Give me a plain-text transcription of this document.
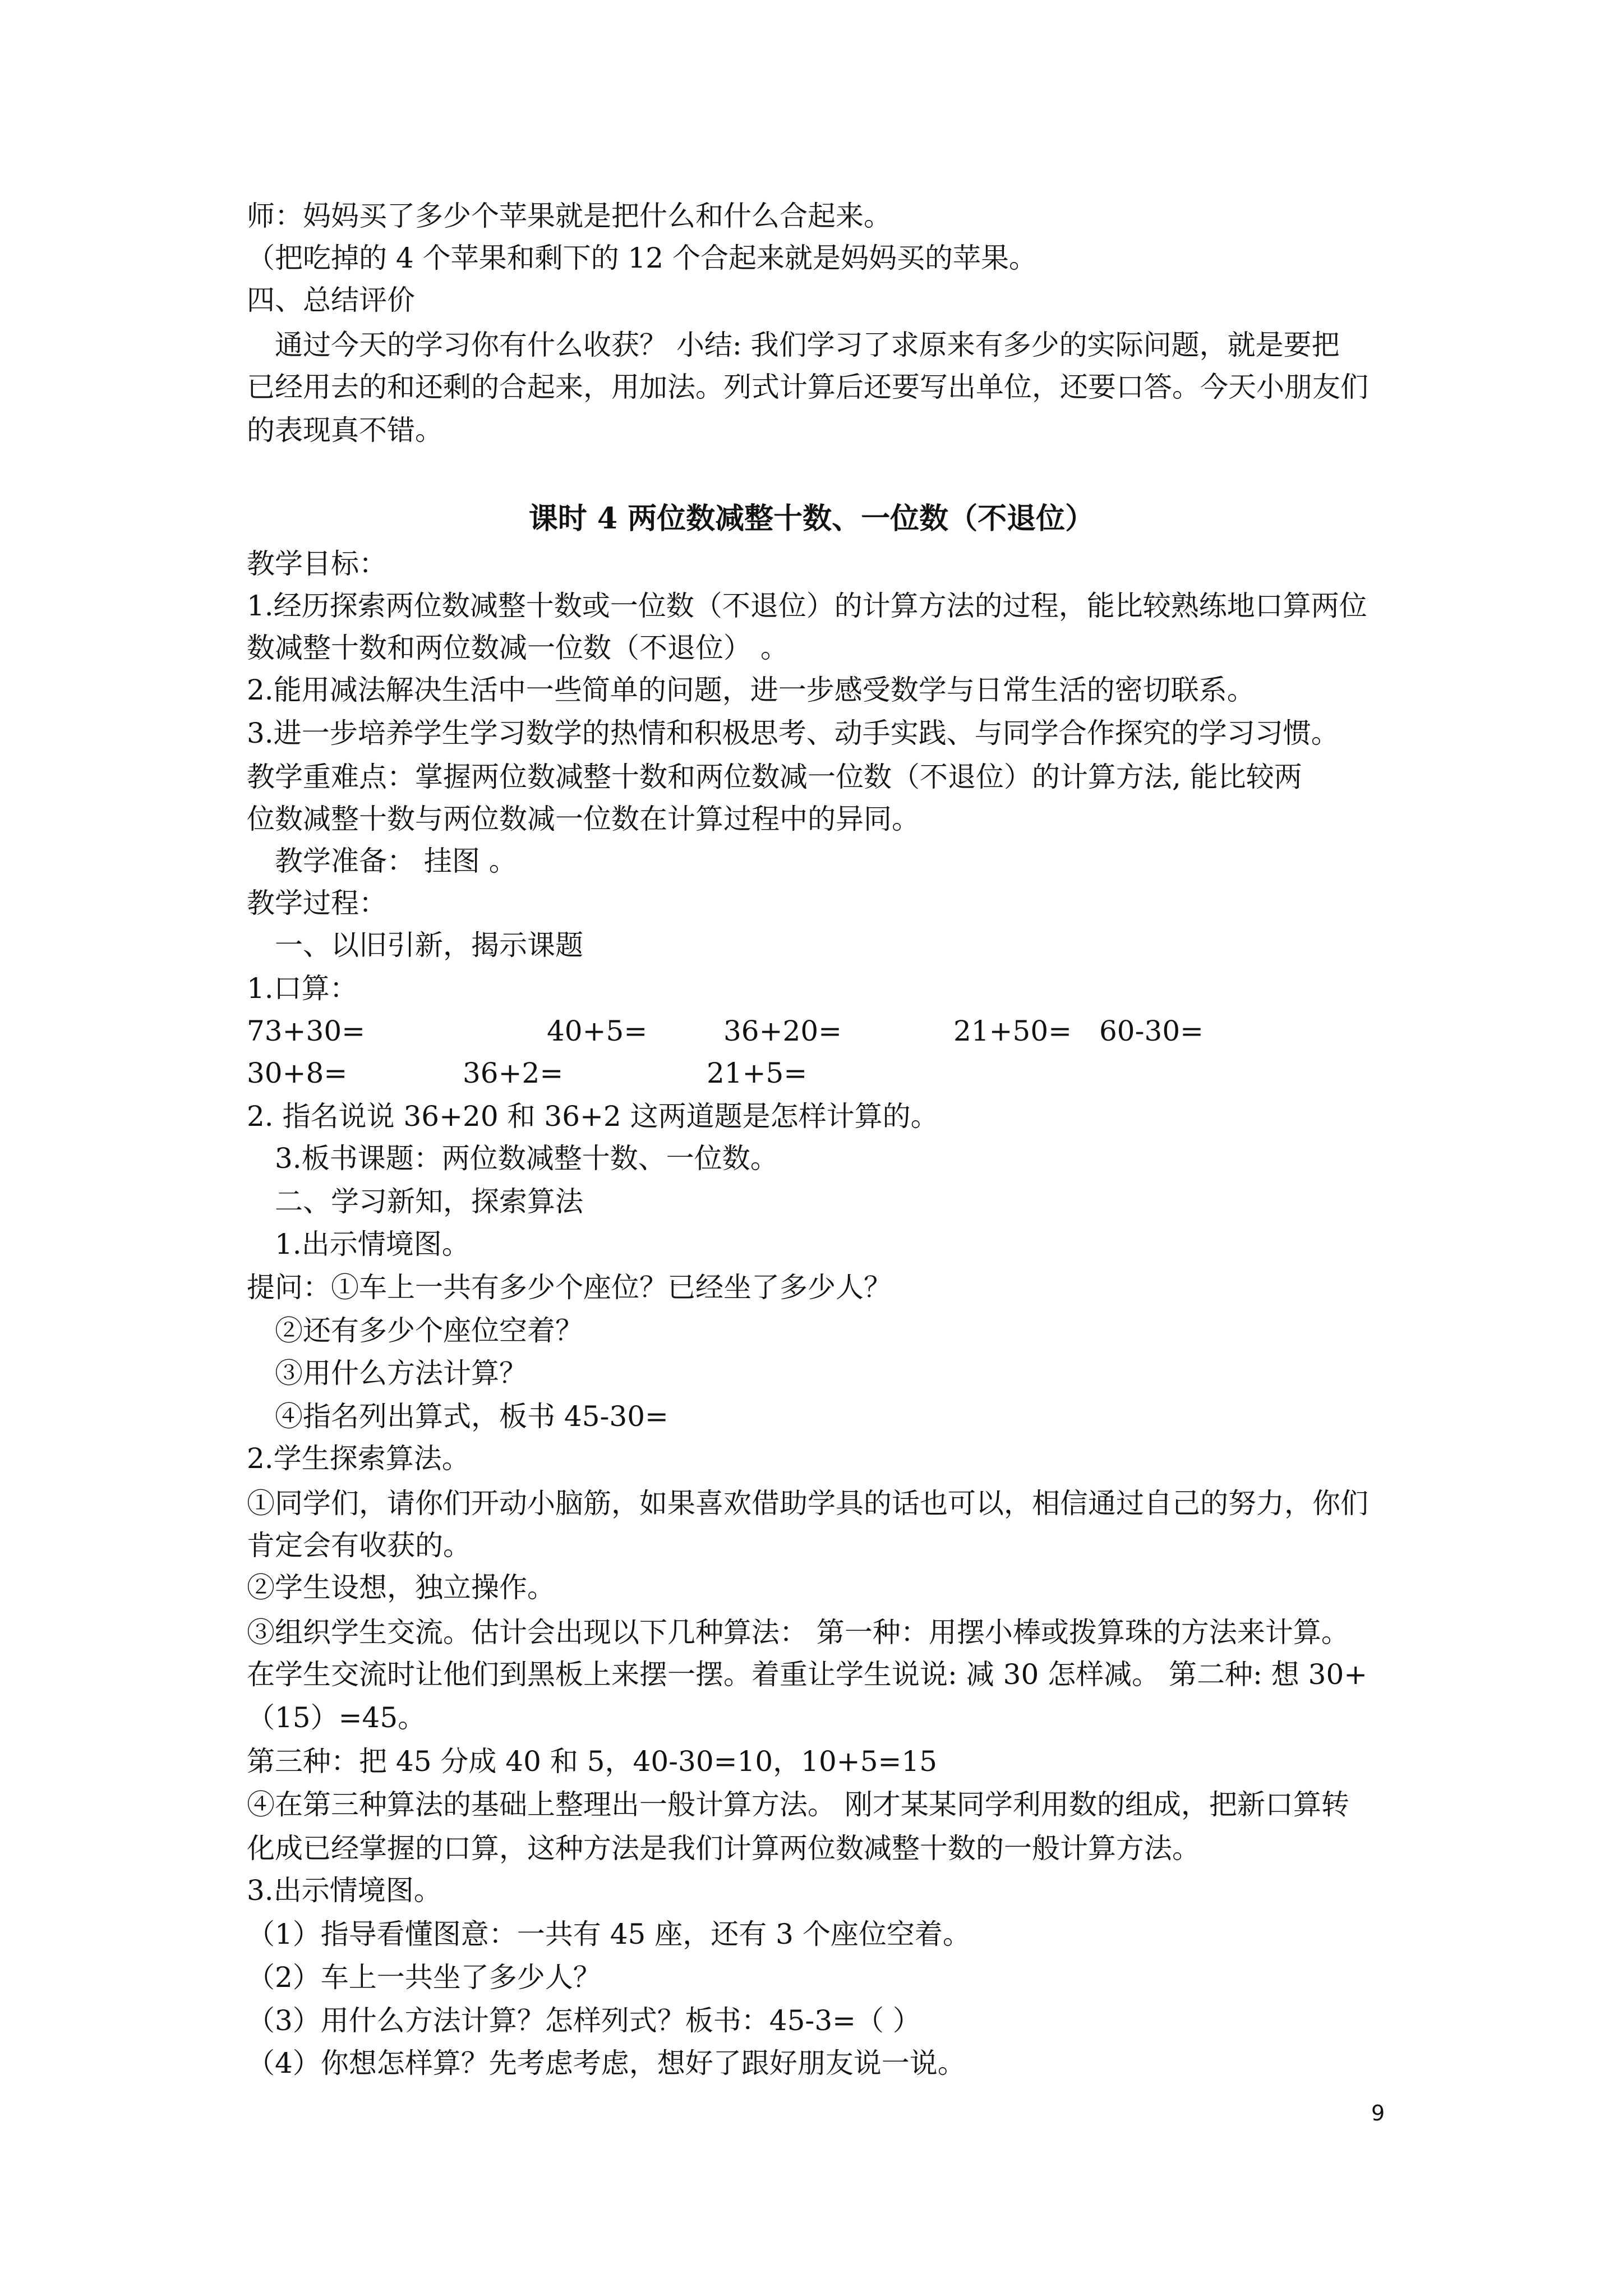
师：妈妈买了多少个苹果就是把什么和什么合起来。
（把吃掉的 4 个苹果和剩下的 12 个合起来就是妈妈买的苹果。
四、总结评价
通过今天的学习你有什么收获？ 小结: 我们学习了求原来有多少的实际问题，就是要把
已经用去的和还剩的合起来，用加法。列式计算后还要写出单位，还要口答。今天小朋友们
的表现真不错。
课时 4 两位数减整十数、一位数（不退位）
教学目标：
1.经历探索两位数减整十数或一位数（不退位）的计算方法的过程，能比较熟练地口算两位
数减整十数和两位数减一位数（不退位） 。
2.能用减法解决生活中一些简单的问题，进一步感受数学与日常生活的密切联系。
3.进一步培养学生学习数学的热情和积极思考、动手实践、与同学合作探究的学习习惯。
教学重难点：掌握两位数减整十数和两位数减一位数（不退位）的计算方法, 能比较两
位数减整十数与两位数减一位数在计算过程中的异同。
教学准备： 挂图 。
教学过程：
一、以旧引新，揭示课题
1.口算：
73+30=	40+5=	36+20=	21+50= 60-30=
30+8=	36+2=	21+5=
2. 指名说说 36+20 和 36+2 这两道题是怎样计算的。
3.板书课题：两位数减整十数、一位数。
二、学习新知，探索算法
1.出示情境图。
提问：①车上一共有多少个座位？已经坐了多少人？
②还有多少个座位空着？
③用什么方法计算？
④指名列出算式，板书 45-30=
2.学生探索算法。
①同学们，请你们开动小脑筋，如果喜欢借助学具的话也可以，相信通过自己的努力，你们
肯定会有收获的。
②学生设想，独立操作。
③组织学生交流。估计会出现以下几种算法： 第一种：用摆小棒或拨算珠的方法来计算。
在学生交流时让他们到黑板上来摆一摆。着重让学生说说: 减 30 怎样减。 第二种: 想 30+
（15）=45。
第三种：把 45 分成 40 和 5，40-30=10，10+5=15
④在第三种算法的基础上整理出一般计算方法。 刚才某某同学利用数的组成，把新口算转
化成已经掌握的口算，这种方法是我们计算两位数减整十数的一般计算方法。
3.出示情境图。
（1）指导看懂图意：一共有 45 座，还有 3 个座位空着。
（2）车上一共坐了多少人？
（3）用什么方法计算？怎样列式？板书：45-3=（ ）
（4）你想怎样算？先考虑考虑，想好了跟好朋友说一说。
9
